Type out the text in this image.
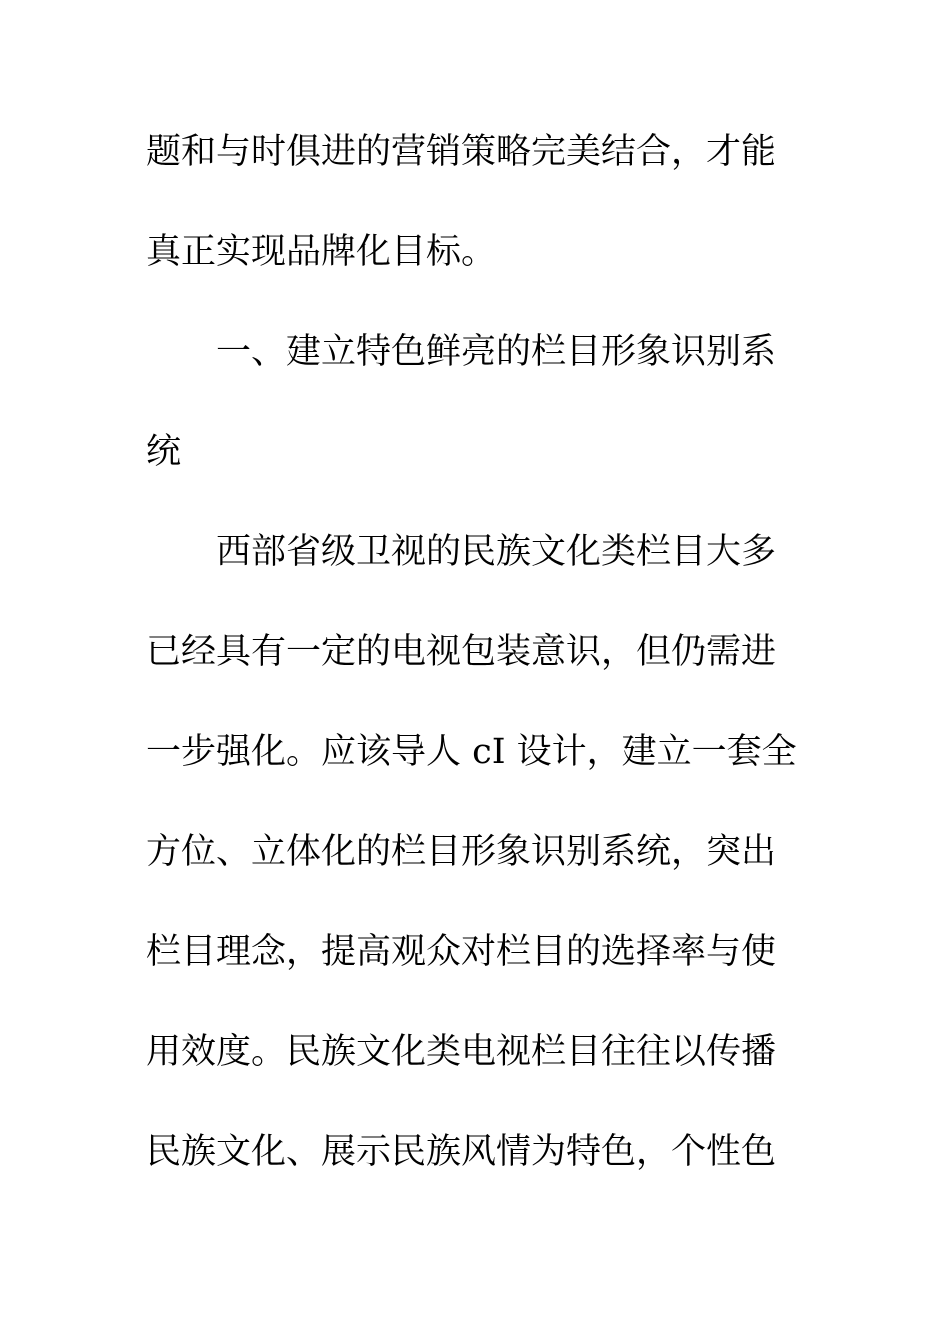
题和与时俱进的营销策略完美结合，才能
真正实现品牌化目标。
一、建立特色鲜亮的栏目形象识别系
统
西部省级卫视的民族文化类栏目大多
已经具有一定的电视包装意识，但仍需进
一步强化。应该导人 cI 设计，建立一套全
方位、立体化的栏目形象识别系统，突出
栏目理念，提高观众对栏目的选择率与使
用效度。民族文化类电视栏目往往以传播
民族文化、展示民族风情为特色，个性色
